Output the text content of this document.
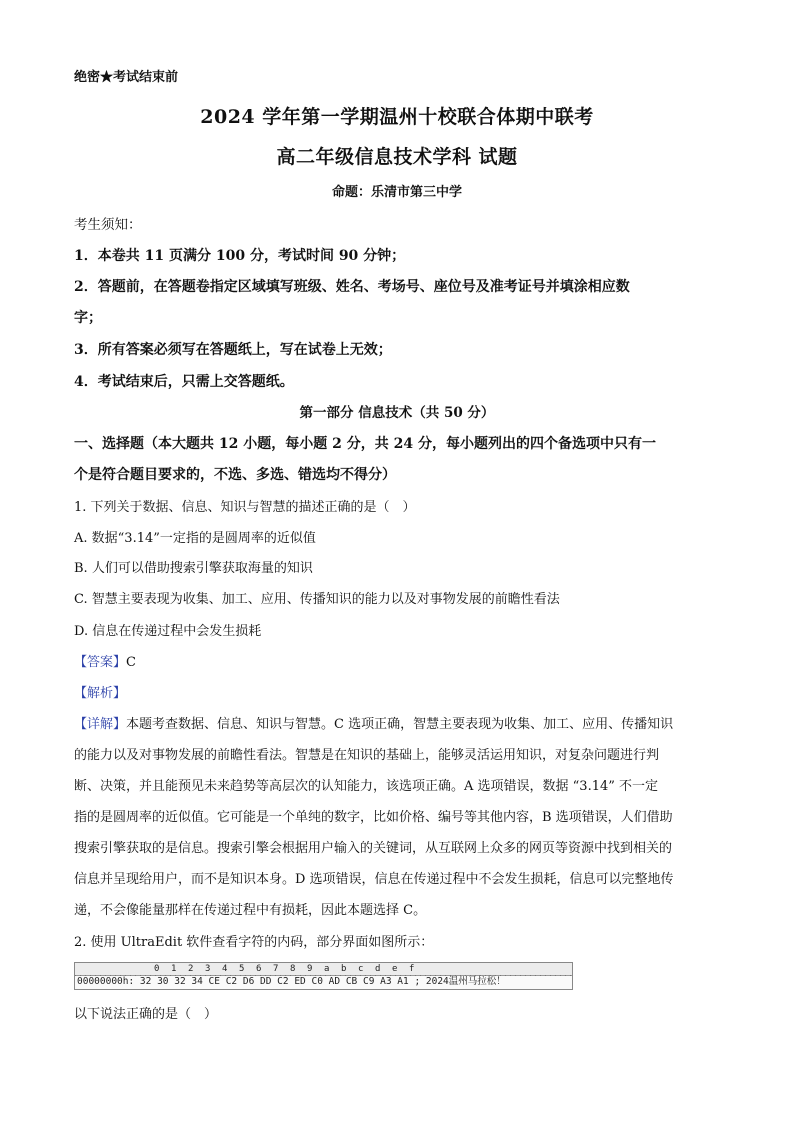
绝密★考试结束前
2024 学年第一学期温州十校联合体期中联考
高二年级信息技术学科 试题
命题：乐清市第三中学
考生须知：
1．本卷共 11 页满分 100 分，考试时间 90 分钟；
2．答题前，在答题卷指定区域填写班级、姓名、考场号、座位号及准考证号并填涂相应数
字；
3．所有答案必须写在答题纸上，写在试卷上无效；
4．考试结束后，只需上交答题纸。
第一部分 信息技术（共 50 分）
一、选择题（本大题共 12 小题，每小题 2 分，共 24 分，每小题列出的四个备选项中只有一
个是符合题目要求的，不选、多选、错选均不得分）
1. 下列关于数据、信息、知识与智慧的描述正确的是（　）
A. 数据“3.14”一定指的是圆周率的近似值
B. 人们可以借助搜索引擎获取海量的知识
C. 智慧主要表现为收集、加工、应用、传播知识的能力以及对事物发展的前瞻性看法
D. 信息在传递过程中会发生损耗
【答案】C
【解析】
【详解】本题考查数据、信息、知识与智慧。C 选项正确，智慧主要表现为收集、加工、应用、传播知识
的能力以及对事物发展的前瞻性看法。智慧是在知识的基础上，能够灵活运用知识，对复杂问题进行判
断、决策，并且能预见未来趋势等高层次的认知能力，该选项正确。A 选项错误，数据 “3.14” 不一定
指的是圆周率的近似值。它可能是一个单纯的数字，比如价格、编号等其他内容，B 选项错误，人们借助
搜索引擎获取的是信息。搜索引擎会根据用户输入的关键词，从互联网上众多的网页等资源中找到相关的
信息并呈现给用户，而不是知识本身。D 选项错误，信息在传递过程中不会发生损耗，信息可以完整地传
递，不会像能量那样在传递过程中有损耗，因此本题选择 C。
2. 使用 UltraEdit 软件查看字符的内码，部分界面如图所示：
0 1 2 3 4 5 6 7 8 9 a b c d e f
00000000h: 32 30 32 34 CE C2 D6 DD C2 ED C0 AD CB C9 A3 A1 ; 2024温州马拉松！
以下说法正确的是（　）
